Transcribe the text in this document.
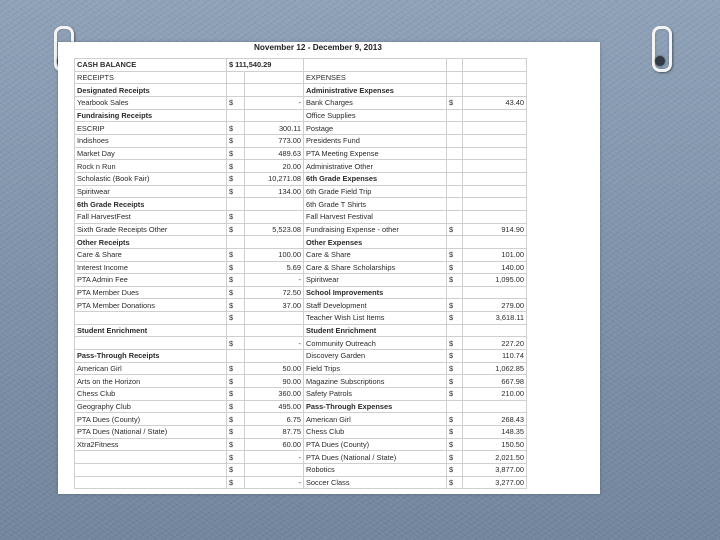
November 12 - December 9, 2013
CASH BALANCE	$ 111,540.29				
RECEIPTS			EXPENSES		
Designated Receipts			Administrative Expenses		
Yearbook Sales	$	-	Bank Charges	$	43.40
Fundraising Receipts			Office Supplies		
ESCRIP	$	300.11	Postage		
Indishoes	$	773.00	Presidents Fund		
Market Day	$	489.63	PTA Meeting Expense		
Rock n Run	$	20.00	Administrative Other		
Scholastic (Book Fair)	$	10,271.08	6th Grade Expenses		
Spiritwear	$	134.00	6th Grade Field Trip		
6th Grade Receipts			6th Grade T Shirts		
Fall HarvestFest	$		Fall Harvest Festival		
Sixth Grade Receipts Other	$	5,523.08	Fundraising Expense - other	$	914.90
Other Receipts			Other Expenses		
Care & Share	$	100.00	Care & Share	$	101.00
Interest Income	$	5.69	Care & Share Scholarships	$	140.00
PTA Admin Fee	$	-	Spiritwear	$	1,095.00
PTA Member Dues	$	72.50	School Improvements		
PTA Member Donations	$	37.00	Staff Development	$	279.00
	$		Teacher Wish List Items	$	3,618.11
Student Enrichment			Student Enrichment		
	$	-	Community Outreach	$	227.20
Pass-Through Receipts			Discovery Garden	$	110.74
American Girl	$	50.00	Field Trips	$	1,062.85
Arts on the Horizon	$	90.00	Magazine Subscriptions	$	667.98
Chess Club	$	360.00	Safety Patrols	$	210.00
Geography Club	$	495.00	Pass-Through Expenses		
PTA Dues (County)	$	6.75	American Girl	$	268.43
PTA Dues (National / State)	$	87.75	Chess Club	$	148.35
Xtra2Fitness	$	60.00	PTA Dues (County)	$	150.50
	$	-	PTA Dues (National / State)	$	2,021.50
	$		Robotics	$	3,877.00
	$	-	Soccer Class	$	3,277.00
